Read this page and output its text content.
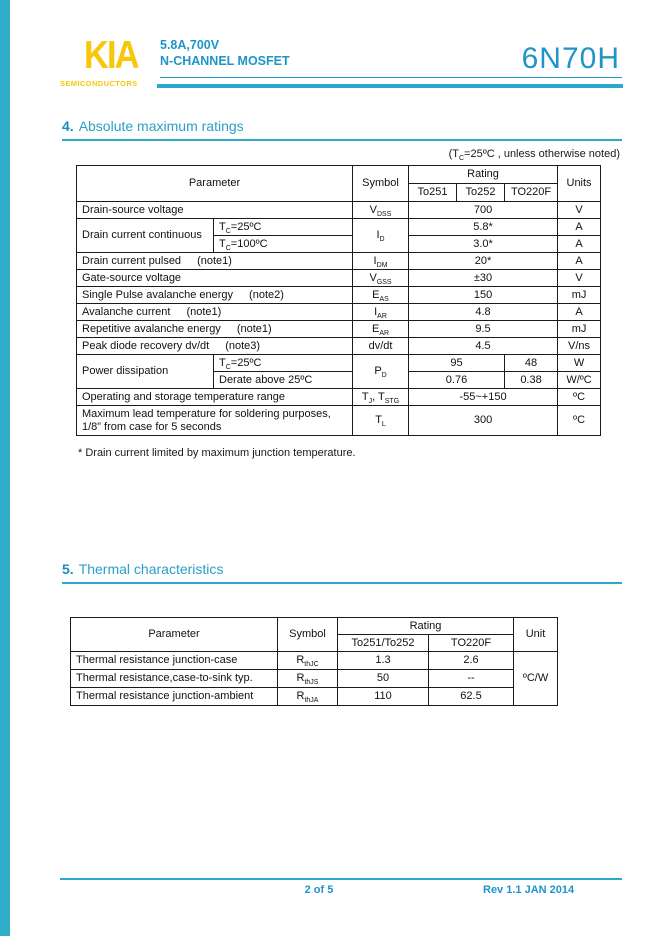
KIA
SEMICONDUCTORS
5.8A,700V
N-CHANNEL MOSFET	6N70H
4. Absolute maximum ratings
($T_C=25ºC$ , unless otherwise noted)
Parameter		Symbol	Rating			Units
			To251	To252	TO220F	
Drain-source voltage		$V_{DSS}$	700			V
Drain current continuous	$T_C=25ºC$	$I_D$	5.8*			A
	$T_C=100ºC$		3.0*			A
Drain current pulsed (note1)		$I_{DM}$	20*			A
Gate-source voltage		$V_{GSS}$	±30			V
Single Pulse avalanche energy (note2)		$E_{AS}$	150			mJ
Avalanche current (note1)		$I_{AR}$	4.8			A
Repetitive avalanche energy (note1)		$E_{AR}$	9.5			mJ
Peak diode recovery dv/dt (note3)		dv/dt	4.5			V/ns
Power dissipation	$T_C=25ºC$	$P_D$	95		48	W
	Derate above 25ºC		0.76		0.38	W/ºC
Operating and storage temperature range		$T_J$, $T_{STG}$	-55~+150			ºC
Maximum lead temperature for soldering purposes, 1/8” from case for 5 seconds		$T_L$	300			ºC
* Drain current limited by maximum junction temperature.
5. Thermal characteristics
Parameter	Symbol	Rating		Unit
		To251/To252	TO220F	
Thermal resistance junction-case	$R_{thJC}$	1.3	2.6	ºC/W
Thermal resistance,case-to-sink typ.	$R_{thJS}$	50	--	
Thermal resistance junction-ambient	$R_{thJA}$	110	62.5	
2 of 5	Rev 1.1 JAN 2014
